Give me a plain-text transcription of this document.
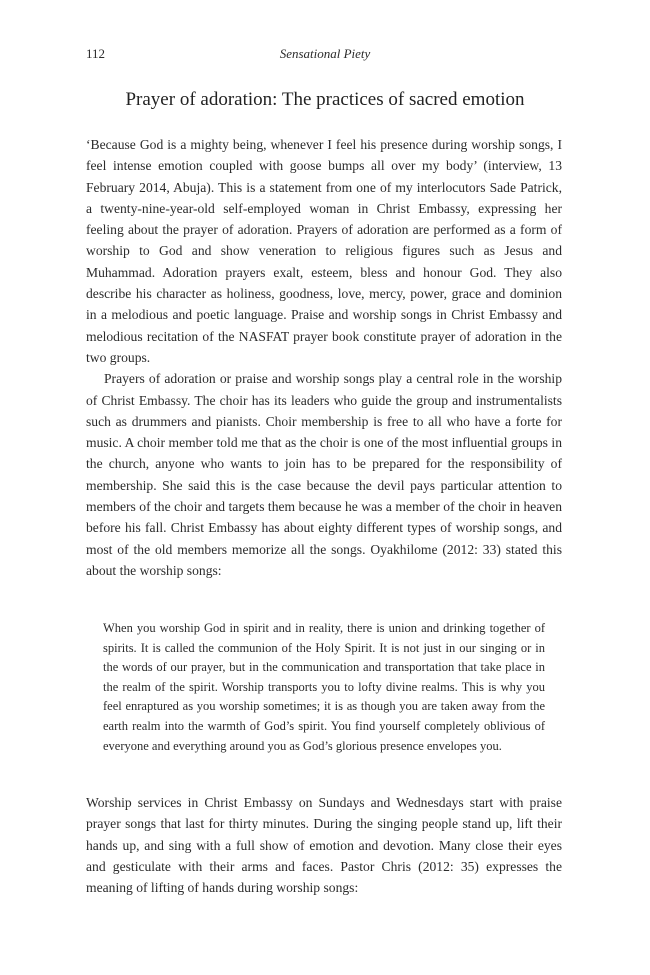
112	Sensational Piety
Prayer of adoration: The practices of sacred emotion

‘Because God is a mighty being, whenever I feel his presence during worship songs, I feel intense emotion coupled with goose bumps all over my body’ (interview, 13 February 2014, Abuja). This is a statement from one of my interlocutors Sade Patrick, a twenty-nine-year-old self-employed woman in Christ Embassy, expressing her feeling about the prayer of adoration. Prayers of adoration are performed as a form of worship to God and show veneration to religious figures such as Jesus and Muhammad. Adoration prayers exalt, esteem, bless and honour God. They also describe his character as holiness, goodness, love, mercy, power, grace and dominion in a melodious and poetic language. Praise and worship songs in Christ Embassy and melodious recitation of the NASFAT prayer book constitute prayer of adoration in the two groups.

Prayers of adoration or praise and worship songs play a central role in the worship of Christ Embassy. The choir has its leaders who guide the group and instrumentalists such as drummers and pianists. Choir membership is free to all who have a forte for music. A choir member told me that as the choir is one of the most influential groups in the church, anyone who wants to join has to be prepared for the responsibility of membership. She said this is the case because the devil pays particular attention to members of the choir and targets them because he was a member of the choir in heaven before his fall. Christ Embassy has about eighty different types of worship songs, and most of the old members memorize all the songs. Oyakhilome (2012: 33) stated this about the worship songs:

When you worship God in spirit and in reality, there is union and drinking together of spirits. It is called the communion of the Holy Spirit. It is not just in our singing or in the words of our prayer, but in the communication and transportation that take place in the realm of the spirit. Worship transports you to lofty divine realms. This is why you feel enraptured as you worship sometimes; it is as though you are taken away from the earth realm into the warmth of God’s spirit. You find yourself completely oblivious of everyone and everything around you as God’s glorious presence envelopes you.

Worship services in Christ Embassy on Sundays and Wednesdays start with praise prayer songs that last for thirty minutes. During the singing people stand up, lift their hands up, and sing with a full show of emotion and devotion. Many close their eyes and gesticulate with their arms and faces. Pastor Chris (2012: 35) expresses the meaning of lifting of hands during worship songs:
